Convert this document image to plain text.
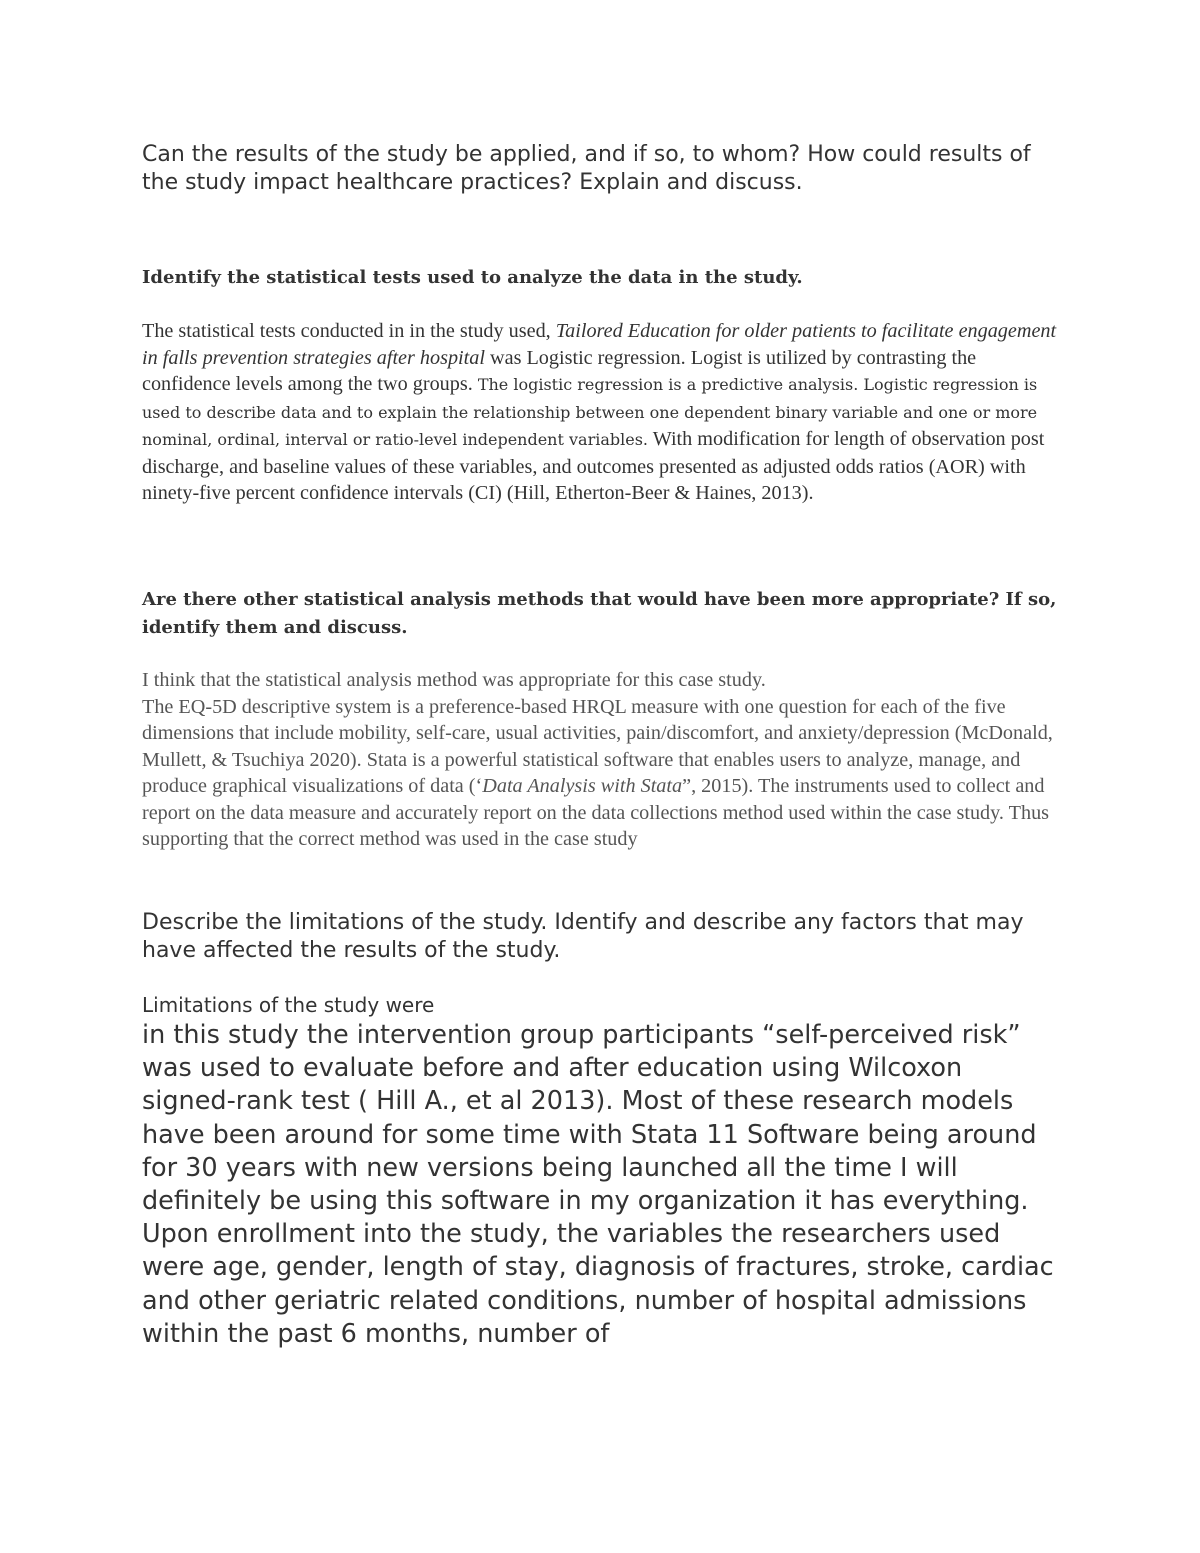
Can the results of the study be applied, and if so, to whom? How could results of the study impact healthcare practices? Explain and discuss.

Identify the statistical tests used to analyze the data in the study.

The statistical tests conducted in in the study used, Tailored Education for older patients to facilitate engagement in falls prevention strategies after hospital was Logistic regression. Logist is utilized by contrasting the confidence levels among the two groups. The logistic regression is a predictive analysis. Logistic regression is used to describe data and to explain the relationship between one dependent binary variable and one or more nominal, ordinal, interval or ratio-level independent variables. With modification for length of observation post discharge, and baseline values of these variables, and outcomes presented as adjusted odds ratios (AOR) with ninety-five percent confidence intervals (CI) (Hill, Etherton-Beer & Haines, 2013).

Are there other statistical analysis methods that would have been more appropriate? If so, identify them and discuss.

I think that the statistical analysis method was appropriate for this case study.
The EQ-5D descriptive system is a preference-based HRQL measure with one question for each of the five dimensions that include mobility, self-care, usual activities, pain/discomfort, and anxiety/depression (McDonald, Mullett, & Tsuchiya 2020). Stata is a powerful statistical software that enables users to analyze, manage, and produce graphical visualizations of data (‘Data Analysis with Stata”, 2015). The instruments used to collect and report on the data measure and accurately report on the data collections method used within the case study. Thus supporting that the correct method was used in the case study

Describe the limitations of the study. Identify and describe any factors that may have affected the results of the study.

Limitations of the study were

in this study the intervention group participants “self-perceived risk” was used to evaluate before and after education using Wilcoxon signed-rank test ( Hill A., et al 2013). Most of these research models have been around for some time with Stata 11 Software being around for 30 years with new versions being launched all the time I will definitely be using this software in my organization it has everything. Upon enrollment into the study, the variables the researchers used were age, gender, length of stay, diagnosis of fractures, stroke, cardiac and other geriatric related conditions, number of hospital admissions within the past 6 months, number of
